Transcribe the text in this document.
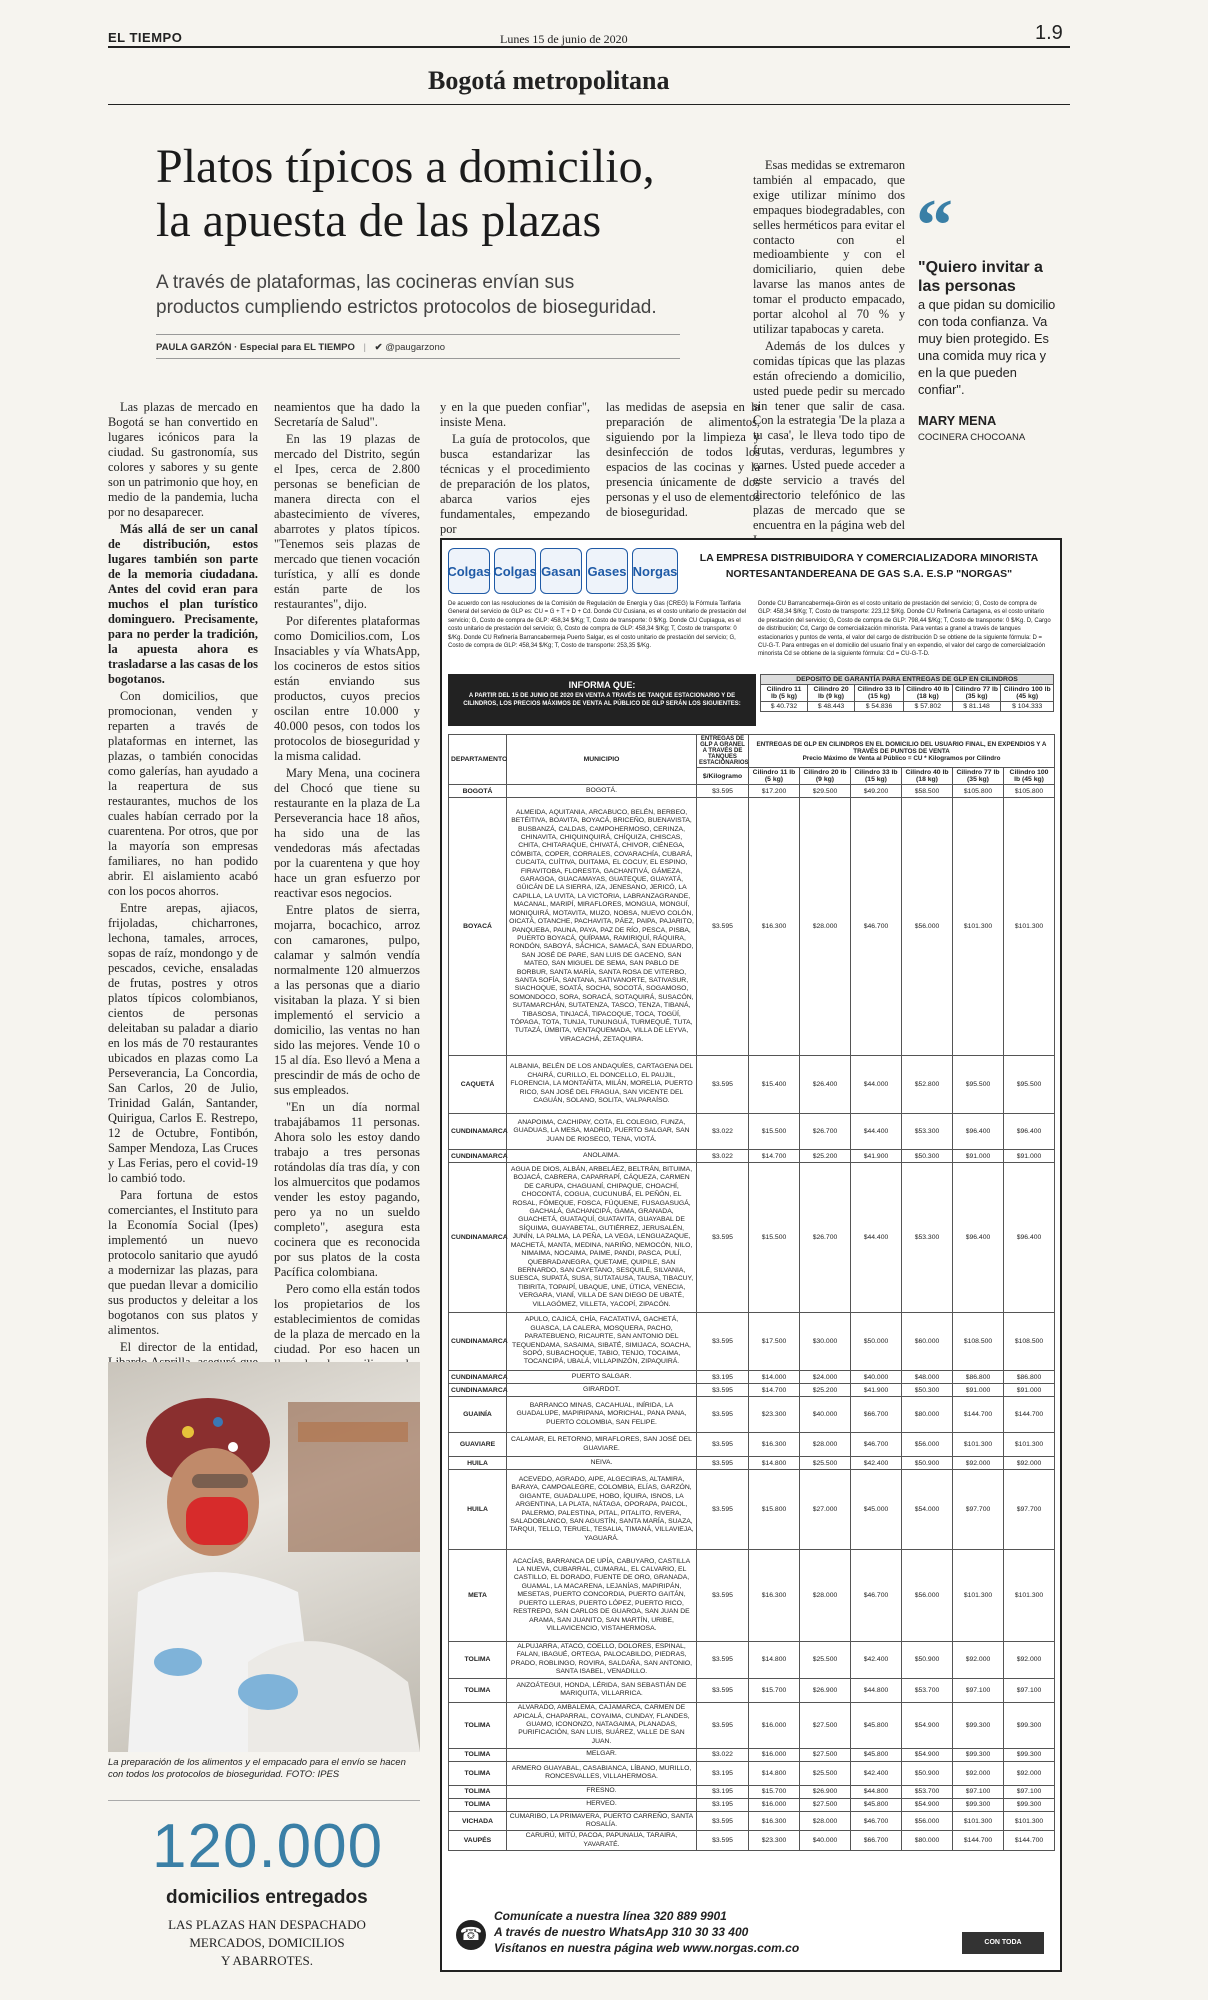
EL TIEMPO	Lunes 15 de junio de 2020	1.9
Bogotá metropolitana
Platos típicos a domicilio,
la apuesta de las plazas
A través de plataformas, las cocineras envían sus
productos cumpliendo estrictos protocolos de bioseguridad.
PAULA GARZÓN · Especial para EL TIEMPO | ✔ @paugarzono

Esas medidas se extremaron también al empacado, que exige utilizar mínimo dos empaques biodegradables, con selles herméticos para evitar el contacto con el medioambiente y con el domiciliario, quien debe lavarse las manos antes de tomar el producto empacado, portar alcohol al 70 % y utilizar tapabocas y careta.

Además de los dulces y comidas típicas que las plazas están ofreciendo a domicilio, usted puede pedir su mercado sin tener que salir de casa. Con la estrategia 'De la plaza a tu casa', le lleva todo tipo de frutas, verduras, legumbres y carnes. Usted puede acceder a este servicio a través del directorio telefónico de las plazas de mercado que se encuentra en la página web del

“
"Quiero invitar a las personas
a que pidan su domicilio con toda confianza. Va muy bien protegido. Es una comida muy rica y en la que pueden confiar".
MARY MENA
COCINERA CHOCOANA

Las plazas de mercado en Bogotá se han convertido en lugares icónicos para la ciudad. Su gastronomía, sus colores y sabores y su gente son un patrimonio que hoy, en medio de la pandemia, lucha por no desaparecer.

Más allá de ser un canal de distribución, estos lugares también son parte de la memoria ciudadana. Antes del covid eran para muchos el plan turístico dominguero. Precisamente, para no perder la tradición, la apuesta ahora es trasladarse a las casas de los bogotanos.

Con domicilios, que promocionan, venden y reparten a través de plataformas en internet, las plazas, o también conocidas como galerías, han ayudado a la reapertura de sus restaurantes, muchos de los cuales habían cerrado por la cuarentena. Por otros, que por la mayoría son empresas familiares, no han podido abrir. El aislamiento acabó con los pocos ahorros.

Entre arepas, ajiacos, frijoladas, chicharrones, lechona, tamales, arroces, sopas de raíz, mondongo y de pescados, ceviche, ensaladas de frutas, postres y otros platos típicos colombianos, cientos de personas deleitaban su paladar a diario en los más de 70 restaurantes ubicados en plazas como La Perseverancia, La Concordia, San Carlos, 20 de Julio, Trinidad Galán, Santander, Quirigua, Carlos E. Restrepo, 12 de Octubre, Fontibón, Samper Mendoza, Las Cruces y Las Ferias, pero el covid-19 lo cambió todo.

Para fortuna de estos comerciantes, el Instituto para la Economía Social (Ipes) implementó un nuevo protocolo sanitario que ayudó a modernizar las plazas, para que puedan llevar a domicilio sus productos y deleitar a los bogotanos con sus platos y alimentos.

El director de la entidad,

neamientos que ha dado la Secretaría de Salud".

En las 19 plazas de mercado del Distrito, según el Ipes, cerca de 2.800 personas se benefician de manera directa con el abastecimiento de víveres, abarrotes y platos típicos. "Tenemos seis plazas de mercado que tienen vocación turística, y allí es donde están parte de los restaurantes", dijo.

Por diferentes plataformas como Domicilios.com, Los Insaciables y vía WhatsApp, los cocineros de estos sitios están enviando sus productos, cuyos precios oscilan entre 10.000 y 40.000 pesos, con todos los protocolos de bioseguridad y la misma calidad.

Mary Mena, una cocinera del Chocó que tiene su restaurante en la plaza de La Perseverancia hace 18 años, ha sido una de las vendedoras más afectadas por la cuarentena y que hoy hace un gran esfuerzo por reactivar esos negocios.

Entre platos de sierra, mojarra, bocachico, arroz con camarones, pulpo, calamar y salmón vendía normalmente 120 almuerzos a las personas que a diario visitaban la plaza. Y si bien implementó el servicio a domicilio, las ventas no han sido las mejores. Vende 10 o 15 al día. Eso llevó a Mena a prescindir de más de ocho de sus empleados.

"En un día normal trabajábamos 11 personas. Ahora solo les estoy dando trabajo a tres personas rotándolas día tras día, y con los almuercitos que podamos vender les estoy pagando, pero ya no un sueldo completo", asegura esta cocinera que es reconocida por sus platos de la costa Pacífica colombiana.

Pero como ella están todos los propietarios de los establecimientos de comidas de la plaza de mercado en la ciudad. Por eso hacen un

y en la que pueden confiar", insiste Mena.

La guía de protocolos, que busca estandarizar las técnicas y el procedimiento de preparación de los platos, abarca varios ejes fundamentales, empezando por

las medidas de asepsia en la preparación de alimentos, siguiendo por la limpieza y desinfección de todos los espacios de las cocinas y la presencia únicamente de dos personas y el uso de elementos de bioseguridad.

La preparación de los alimentos y el empacado para el envío se hacen con todos los protocolos de bioseguridad. FOTO: IPES
120.000
domicilios entregados
LAS PLAZAS HAN DESPACHADO
MERCADOS, DOMICILIOS
Y ABARROTES.
Colgas Colgas Gasan Gases Norgas
LA EMPRESA DISTRIBUIDORA Y COMERCIALIZADORA MINORISTA
NORTESANTANDEREANA DE GAS S.A. E.S.P "NORGAS"
De acuerdo con las resoluciones de la Comisión de Regulación de Energía y Gas (CREG) la Fórmula Tarifaria General del servicio de GLP es: CU = G + T + D + Cd. Donde CU Cusiana, es el costo unitario de prestación del servicio; G, Costo de compra de GLP: 458,34 $/Kg; T, Costo de transporte: 0 $/Kg. Donde CU Cupiagua, es el costo unitario de prestación del servicio; G, Costo de compra de GLP: 458,34 $/Kg; T, Costo de transporte: 0 $/Kg. Donde CU Refinería Barrancabermeja Puerto Salgar, es el costo unitario de prestación del servicio; G, Costo de compra de GLP: 458,34 $/Kg; T, Costo de transporte: 253,35 $/Kg.
Donde CU Barrancabermeja-Girón es el costo unitario de prestación del servicio; G, Costo de compra de GLP: 458,34 $/Kg; T, Costo de transporte: 223,12 $/Kg. Donde CU Refinería Cartagena, es el costo unitario de prestación del servicio; G, Costo de compra de GLP: 798,44 $/Kg; T, Costo de transporte: 0 $/Kg. D, Cargo de distribución; Cd, Cargo de comercialización minorista. Para ventas a granel a través de tanques estacionarios y puntos de venta, el valor del cargo de distribución D se obtiene de la siguiente fórmula: D = CU-G-T. Para entregas en el domicilio del usuario final y en expendio, el valor del cargo de comercialización minorista Cd se obtiene de la siguiente fórmula: Cd = CU-G-T-D.
INFORMA QUE:
A PARTIR DEL 15 DE JUNIO DE 2020 EN VENTA A TRAVÉS DE TANQUE ESTACIONARIO Y DE CILINDROS, LOS PRECIOS MÁXIMOS DE VENTA AL PÚBLICO DE GLP SERÁN LOS SIGUIENTES:
DEPOSITO DE GARANTÍA PARA ENTREGAS DE GLP EN CILINDROS					
Cilindro 11 lb (5 kg)	Cilindro 20 lb (9 kg)	Cilindro 33 lb (15 kg)	Cilindro 40 lb (18 kg)	Cilindro 77 lb (35 kg)	Cilindro 100 lb (45 kg)
$ 40.732	$ 48.443	$ 54.836	$ 57.802	$ 81.148	$ 104.333
DEPARTAMENTO	MUNICIPIO	ENTREGAS DE GLP A GRANEL A TRAVÉS DE TANQUES ESTACIONARIOS	ENTREGAS DE GLP EN CILINDROS EN EL DOMICILIO DEL USUARIO FINAL, EN EXPENDIOS Y A TRAVÉS DE PUNTOS DE VENTA
Precio Máximo de Venta al Público = CU * Kilogramos por Cilindro					

		$/Kilogramo	Cilindro 11 lb (5 kg)	Cilindro 20 lb (9 kg)	Cilindro 33 lb (15 kg)	Cilindro 40 lb (18 kg)	Cilindro 77 lb (35 kg)	Cilindro 100 lb (45 kg)

BOGOTÁ	BOGOTÁ.	$3.595	$17.200	$29.500	$49.200	$58.500	$105.800	$105.800
BOYACÁ	ALMEIDA, AQUITANIA, ARCABUCO, BELÉN, BERBEO, BETÉITIVA, BOAVITA, BOYACÁ, BRICEÑO, BUENAVISTA, BUSBANZÁ, CALDAS, CAMPOHERMOSO, CERINZA, CHINAVITA, CHIQUINQUIRÁ, CHÍQUIZA, CHISCAS, CHITA, CHITARAQUE, CHIVATÁ, CHIVOR, CIÉNEGA, CÓMBITA, COPER, CORRALES, COVARACHÍA, CUBARÁ, CUCAITA, CUÍTIVA, DUITAMA, EL COCUY, EL ESPINO, FIRAVITOBA, FLORESTA, GACHANTIVÁ, GÁMEZA, GARAGOA, GUACAMAYAS, GUATEQUE, GUAYATÁ, GÜICÁN DE LA SIERRA, IZA, JENESANO, JERICÓ, LA CAPILLA, LA UVITA, LA VICTORIA, LABRANZAGRANDE, MACANAL, MARIPÍ, MIRAFLORES, MONGUA, MONGUÍ, MONIQUIRÁ, MOTAVITA, MUZO, NOBSA, NUEVO COLÓN, OICATÁ, OTANCHE, PACHAVITA, PÁEZ, PAIPA, PAJARITO, PANQUEBA, PAUNA, PAYA, PAZ DE RÍO, PESCA, PISBA, PUERTO BOYACÁ, QUÍPAMA, RAMIRIQUÍ, RÁQUIRA, RONDÓN, SABOYÁ, SÁCHICA, SAMACÁ, SAN EDUARDO, SAN JOSÉ DE PARE, SAN LUIS DE GACENO, SAN MATEO, SAN MIGUEL DE SEMA, SAN PABLO DE BORBUR, SANTA MARÍA, SANTA ROSA DE VITERBO, SANTA SOFÍA, SANTANA, SATIVANORTE, SATIVASUR, SIACHOQUE, SOATÁ, SOCHA, SOCOTÁ, SOGAMOSO, SOMONDOCO, SORA, SORACÁ, SOTAQUIRÁ, SUSACÓN, SUTAMARCHÁN, SUTATENZA, TASCO, TENZA, TIBANÁ, TIBASOSA, TINJACÁ, TIPACOQUE, TOCA, TOGÜÍ, TÓPAGA, TOTA, TUNJA, TUNUNGUÁ, TURMEQUÉ, TUTA, TUTAZÁ, ÚMBITA, VENTAQUEMADA, VILLA DE LEYVA, VIRACACHÁ, ZETAQUIRA.	$3.595	$16.300	$28.000	$46.700	$56.000	$101.300	$101.300
CAQUETÁ	ALBANIA, BELÉN DE LOS ANDAQUÍES, CARTAGENA DEL CHAIRÁ, CURILLO, EL DONCELLO, EL PAUJIL, FLORENCIA, LA MONTAÑITA, MILÁN, MORELIA, PUERTO RICO, SAN JOSÉ DEL FRAGUA, SAN VICENTE DEL CAGUÁN, SOLANO, SOLITA, VALPARAÍSO.	$3.595	$15.400	$26.400	$44.000	$52.800	$95.500	$95.500
CUNDINAMARCA	ANAPOIMA, CACHIPAY, COTA, EL COLEGIO, FUNZA, GUADUAS, LA MESA, MADRID, PUERTO SALGAR, SAN JUAN DE RIOSECO, TENA, VIOTÁ.	$3.022	$15.500	$26.700	$44.400	$53.300	$96.400	$96.400
CUNDINAMARCA	ANOLAIMA.	$3.022	$14.700	$25.200	$41.900	$50.300	$91.000	$91.000
CUNDINAMARCA	AGUA DE DIOS, ALBÁN, ARBELÁEZ, BELTRÁN, BITUIMA, BOJACÁ, CABRERA, CAPARRAPÍ, CÁQUEZA, CARMEN DE CARUPA, CHAGUANÍ, CHIPAQUE, CHOACHÍ, CHOCONTÁ, COGUA, CUCUNUBÁ, EL PEÑÓN, EL ROSAL, FÓMEQUE, FOSCA, FÚQUENE, FUSAGASUGÁ, GACHALÁ, GACHANCIPÁ, GAMA, GRANADA, GUACHETÁ, GUATAQUÍ, GUATAVITA, GUAYABAL DE SÍQUIMA, GUAYABETAL, GUTIÉRREZ, JERUSALÉN, JUNÍN, LA PALMA, LA PEÑA, LA VEGA, LENGUAZAQUE, MACHETÁ, MANTA, MEDINA, NARIÑO, NEMOCÓN, NILO, NIMAIMA, NOCAIMA, PAIME, PANDI, PASCA, PULÍ, QUEBRADANEGRA, QUETAME, QUIPILE, SAN BERNARDO, SAN CAYETANO, SESQUILÉ, SILVANIA, SUESCA, SUPATÁ, SUSA, SUTATAUSA, TAUSA, TIBACUY, TIBIRITA, TOPAIPÍ, UBAQUE, UNE, ÚTICA, VENECIA, VERGARA, VIANÍ, VILLA DE SAN DIEGO DE UBATÉ, VILLAGÓMEZ, VILLETA, YACOPÍ, ZIPACÓN.	$3.595	$15.500	$26.700	$44.400	$53.300	$96.400	$96.400
CUNDINAMARCA	APULO, CAJICÁ, CHÍA, FACATATIVÁ, GACHETÁ, GUASCA, LA CALERA, MOSQUERA, PACHO, PARATEBUENO, RICAURTE, SAN ANTONIO DEL TEQUENDAMA, SASAIMA, SIBATÉ, SIMIJACA, SOACHA, SOPÓ, SUBACHOQUE, TABIO, TENJO, TOCAIMA, TOCANCIPÁ, UBALÁ, VILLAPINZÓN, ZIPAQUIRÁ.	$3.595	$17.500	$30.000	$50.000	$60.000	$108.500	$108.500
CUNDINAMARCA	PUERTO SALGAR.	$3.195	$14.000	$24.000	$40.000	$48.000	$86.800	$86.800
CUNDINAMARCA	GIRARDOT.	$3.595	$14.700	$25.200	$41.900	$50.300	$91.000	$91.000
GUAINÍA	BARRANCO MINAS, CACAHUAL, INÍRIDA, LA GUADALUPE, MAPIRIPANA, MORICHAL, PANA PANA, PUERTO COLOMBIA, SAN FELIPE.	$3.595	$23.300	$40.000	$66.700	$80.000	$144.700	$144.700
GUAVIARE	CALAMAR, EL RETORNO, MIRAFLORES, SAN JOSÉ DEL GUAVIARE.	$3.595	$16.300	$28.000	$46.700	$56.000	$101.300	$101.300
HUILA	NEIVA.	$3.595	$14.800	$25.500	$42.400	$50.900	$92.000	$92.000
HUILA	ACEVEDO, AGRADO, AIPE, ALGECIRAS, ALTAMIRA, BARAYA, CAMPOALEGRE, COLOMBIA, ELÍAS, GARZÓN, GIGANTE, GUADALUPE, HOBO, ÍQUIRA, ISNOS, LA ARGENTINA, LA PLATA, NÁTAGA, OPORAPA, PAICOL, PALERMO, PALESTINA, PITAL, PITALITO, RIVERA, SALADOBLANCO, SAN AGUSTÍN, SANTA MARÍA, SUAZA, TARQUI, TELLO, TERUEL, TESALIA, TIMANÁ, VILLAVIEJA, YAGUARÁ.	$3.595	$15.800	$27.000	$45.000	$54.000	$97.700	$97.700
META	ACACÍAS, BARRANCA DE UPÍA, CABUYARO, CASTILLA LA NUEVA, CUBARRAL, CUMARAL, EL CALVARIO, EL CASTILLO, EL DORADO, FUENTE DE ORO, GRANADA, GUAMAL, LA MACARENA, LEJANÍAS, MAPIRIPÁN, MESETAS, PUERTO CONCORDIA, PUERTO GAITÁN, PUERTO LLERAS, PUERTO LÓPEZ, PUERTO RICO, RESTREPO, SAN CARLOS DE GUAROA, SAN JUAN DE ARAMA, SAN JUANITO, SAN MARTÍN, URIBE, VILLAVICENCIO, VISTAHERMOSA.	$3.595	$16.300	$28.000	$46.700	$56.000	$101.300	$101.300
TOLIMA	ALPUJARRA, ATACO, COELLO, DOLORES, ESPINAL, FALAN, IBAGUÉ, ORTEGA, PALOCABILDO, PIEDRAS, PRADO, ROBLINGO, ROVIRA, SALDAÑA, SAN ANTONIO, SANTA ISABEL, VENADILLO.	$3.595	$14.800	$25.500	$42.400	$50.900	$92.000	$92.000
TOLIMA	ANZOÁTEGUI, HONDA, LÉRIDA, SAN SEBASTIÁN DE MARIQUITA, VILLARRICA.	$3.595	$15.700	$26.900	$44.800	$53.700	$97.100	$97.100
TOLIMA	ALVARADO, AMBALEMA, CAJAMARCA, CARMEN DE APICALÁ, CHAPARRAL, COYAIMA, CUNDAY, FLANDES, GUAMO, ICONONZO, NATAGAIMA, PLANADAS, PURIFICACIÓN, SAN LUIS, SUÁREZ, VALLE DE SAN JUAN.	$3.595	$16.000	$27.500	$45.800	$54.900	$99.300	$99.300
TOLIMA	MELGAR.	$3.022	$16.000	$27.500	$45.800	$54.900	$99.300	$99.300
TOLIMA	ARMERO GUAYABAL, CASABIANCA, LÍBANO, MURILLO, RONCESVALLES, VILLAHERMOSA.	$3.195	$14.800	$25.500	$42.400	$50.900	$92.000	$92.000
TOLIMA	FRESNO.	$3.195	$15.700	$26.900	$44.800	$53.700	$97.100	$97.100
TOLIMA	HERVEO.	$3.195	$16.000	$27.500	$45.800	$54.900	$99.300	$99.300
VICHADA	CUMARIBO, LA PRIMAVERA, PUERTO CARREÑO, SANTA ROSALÍA.	$3.595	$16.300	$28.000	$46.700	$56.000	$101.300	$101.300
VAUPÉS	CARURÚ, MITÚ, PACOA, PAPUNAUA, TARAIRA, YAVARATÉ.	$3.595	$23.300	$40.000	$66.700	$80.000	$144.700	$144.700
☎
Comunícate a nuestra línea 320 889 9901
A través de nuestro WhatsApp 310 30 33 400
Visítanos en nuestra página web www.norgas.com.co	CON TODA SEGURIDAD.
